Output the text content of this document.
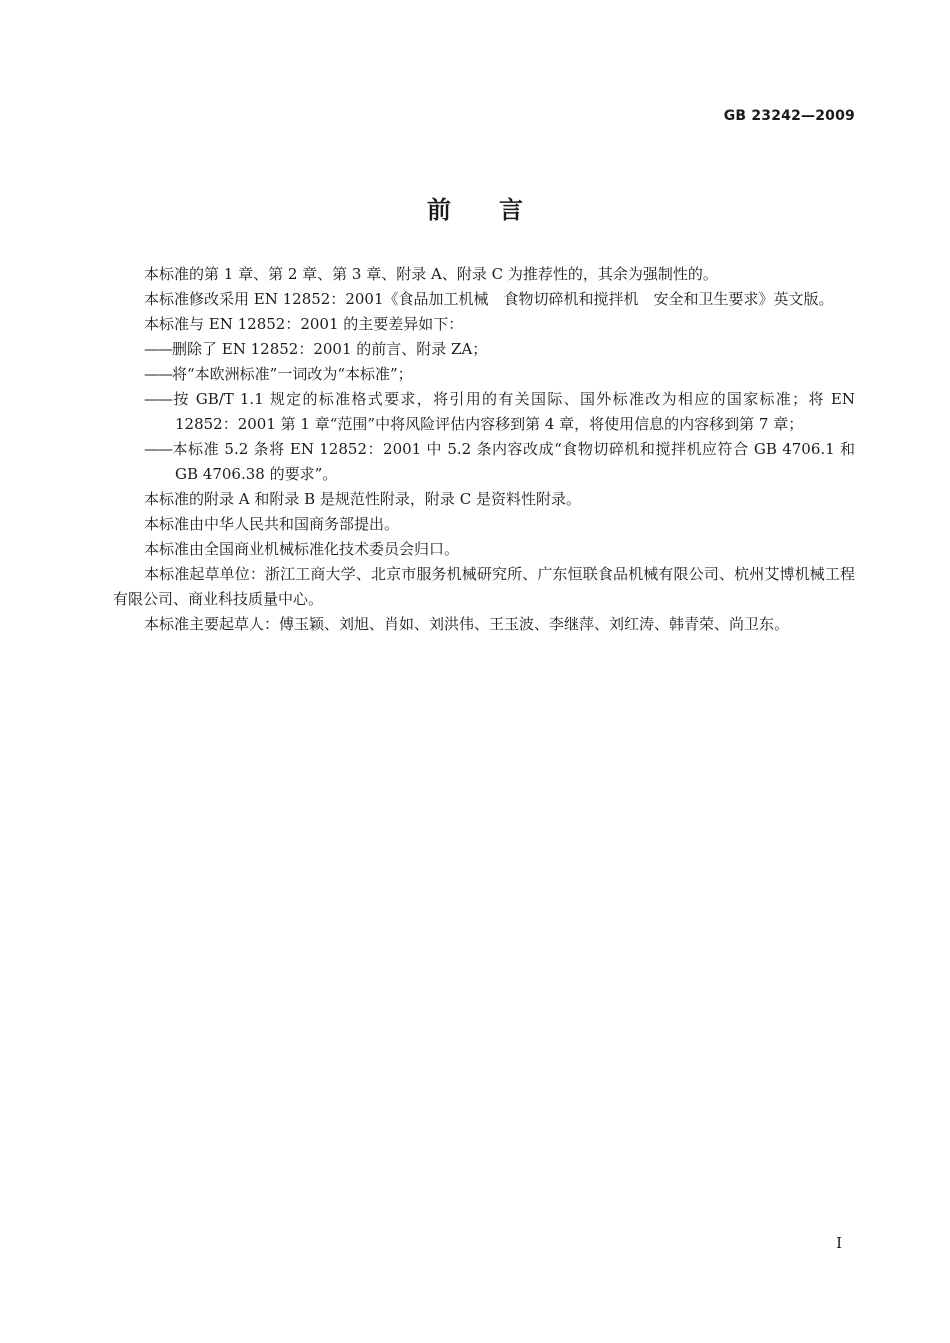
GB 23242—2009
前言

本标准的第 1 章、第 2 章、第 3 章、附录 A、附录 C 为推荐性的，其余为强制性的。

本标准修改采用 EN 12852：2001《食品加工机械　食物切碎机和搅拌机　安全和卫生要求》英文版。

本标准与 EN 12852：2001 的主要差异如下：

——删除了 EN 12852：2001 的前言、附录 ZA；

——将“本欧洲标准”一词改为“本标准”；

——按 GB/T 1.1 规定的标准格式要求，将引用的有关国际、国外标准改为相应的国家标准；将 EN 12852：2001 第 1 章“范围”中将风险评估内容移到第 4 章，将使用信息的内容移到第 7 章；

——本标准 5.2 条将 EN 12852：2001 中 5.2 条内容改成“食物切碎机和搅拌机应符合 GB 4706.1 和 GB 4706.38 的要求”。

本标准的附录 A 和附录 B 是规范性附录，附录 C 是资料性附录。

本标准由中华人民共和国商务部提出。

本标准由全国商业机械标准化技术委员会归口。

本标准起草单位：浙江工商大学、北京市服务机械研究所、广东恒联食品机械有限公司、杭州艾博机械工程有限公司、商业科技质量中心。

本标准主要起草人：傅玉颖、刘旭、肖如、刘洪伟、王玉波、李继萍、刘红涛、韩青荣、尚卫东。

I
